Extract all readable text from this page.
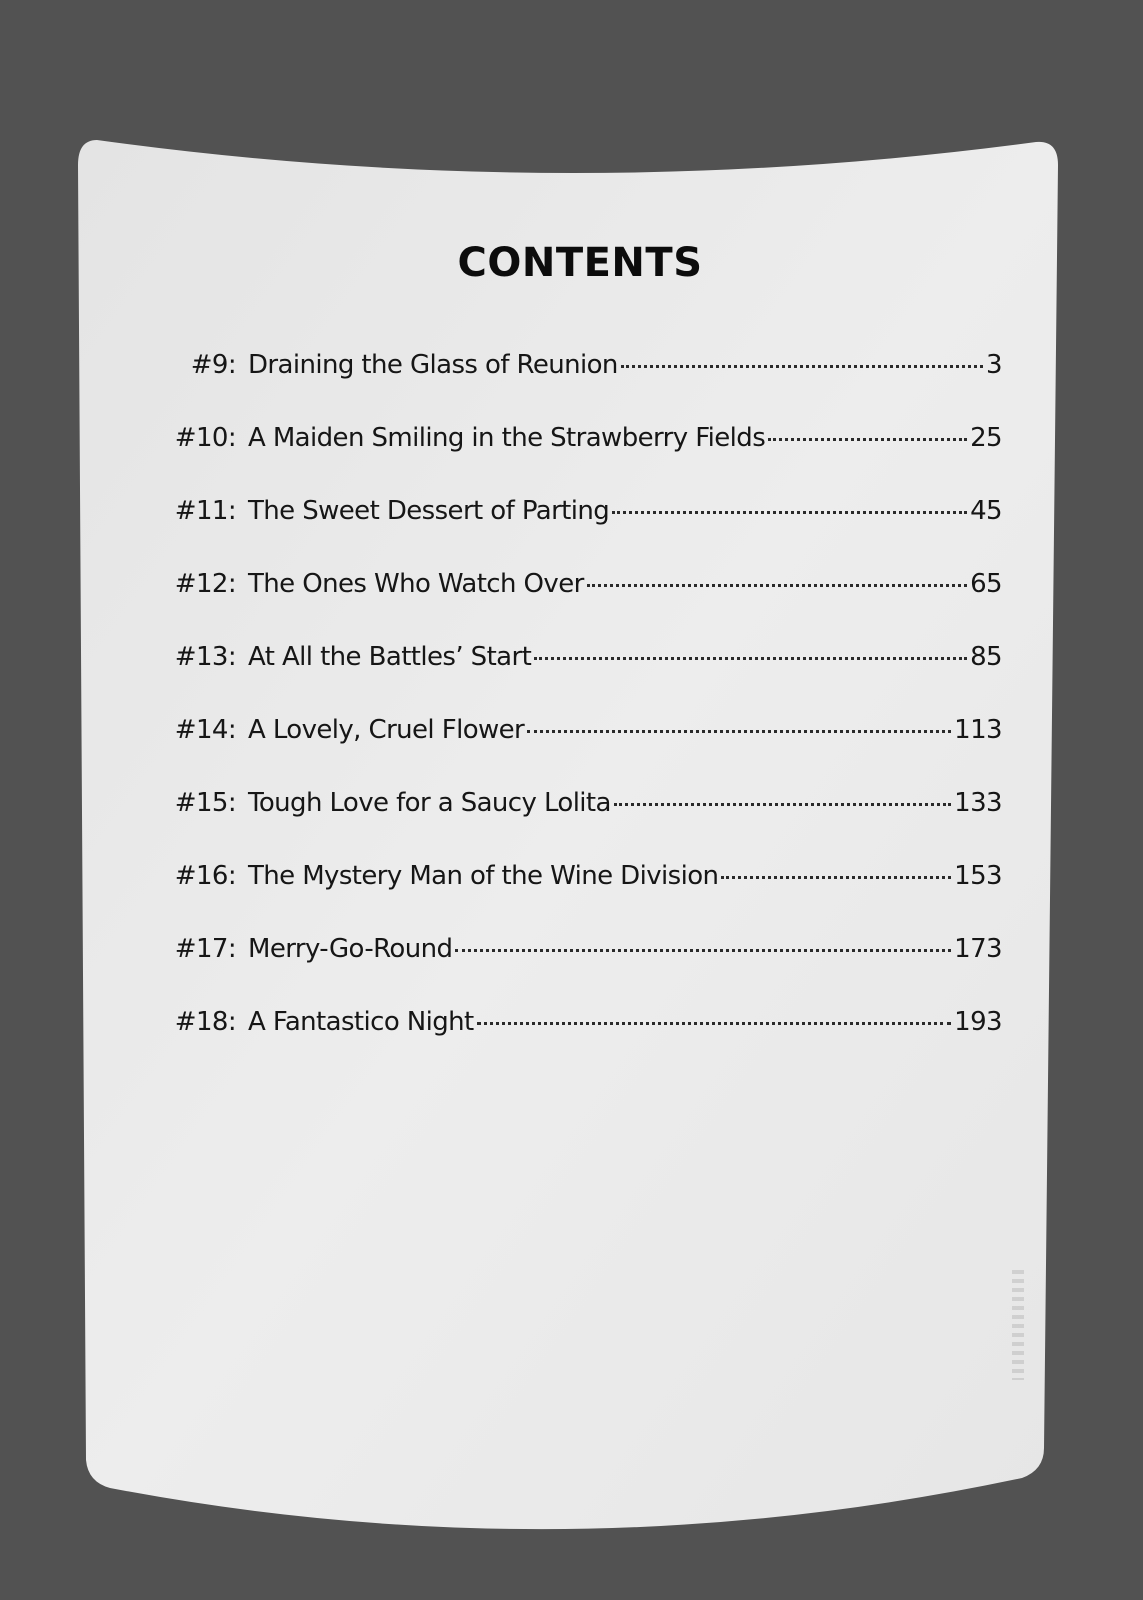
CONTENTS
#9: Draining the Glass of Reunion	3
#10: A Maiden Smiling in the Strawberry Fields	25
#11: The Sweet Dessert of Parting	45
#12: The Ones Who Watch Over	65
#13: At All the Battles’ Start	85
#14: A Lovely, Cruel Flower	113
#15: Tough Love for a Saucy Lolita	133
#16: The Mystery Man of the Wine Division	153
#17: Merry-Go-Round	173
#18: A Fantastico Night	193
